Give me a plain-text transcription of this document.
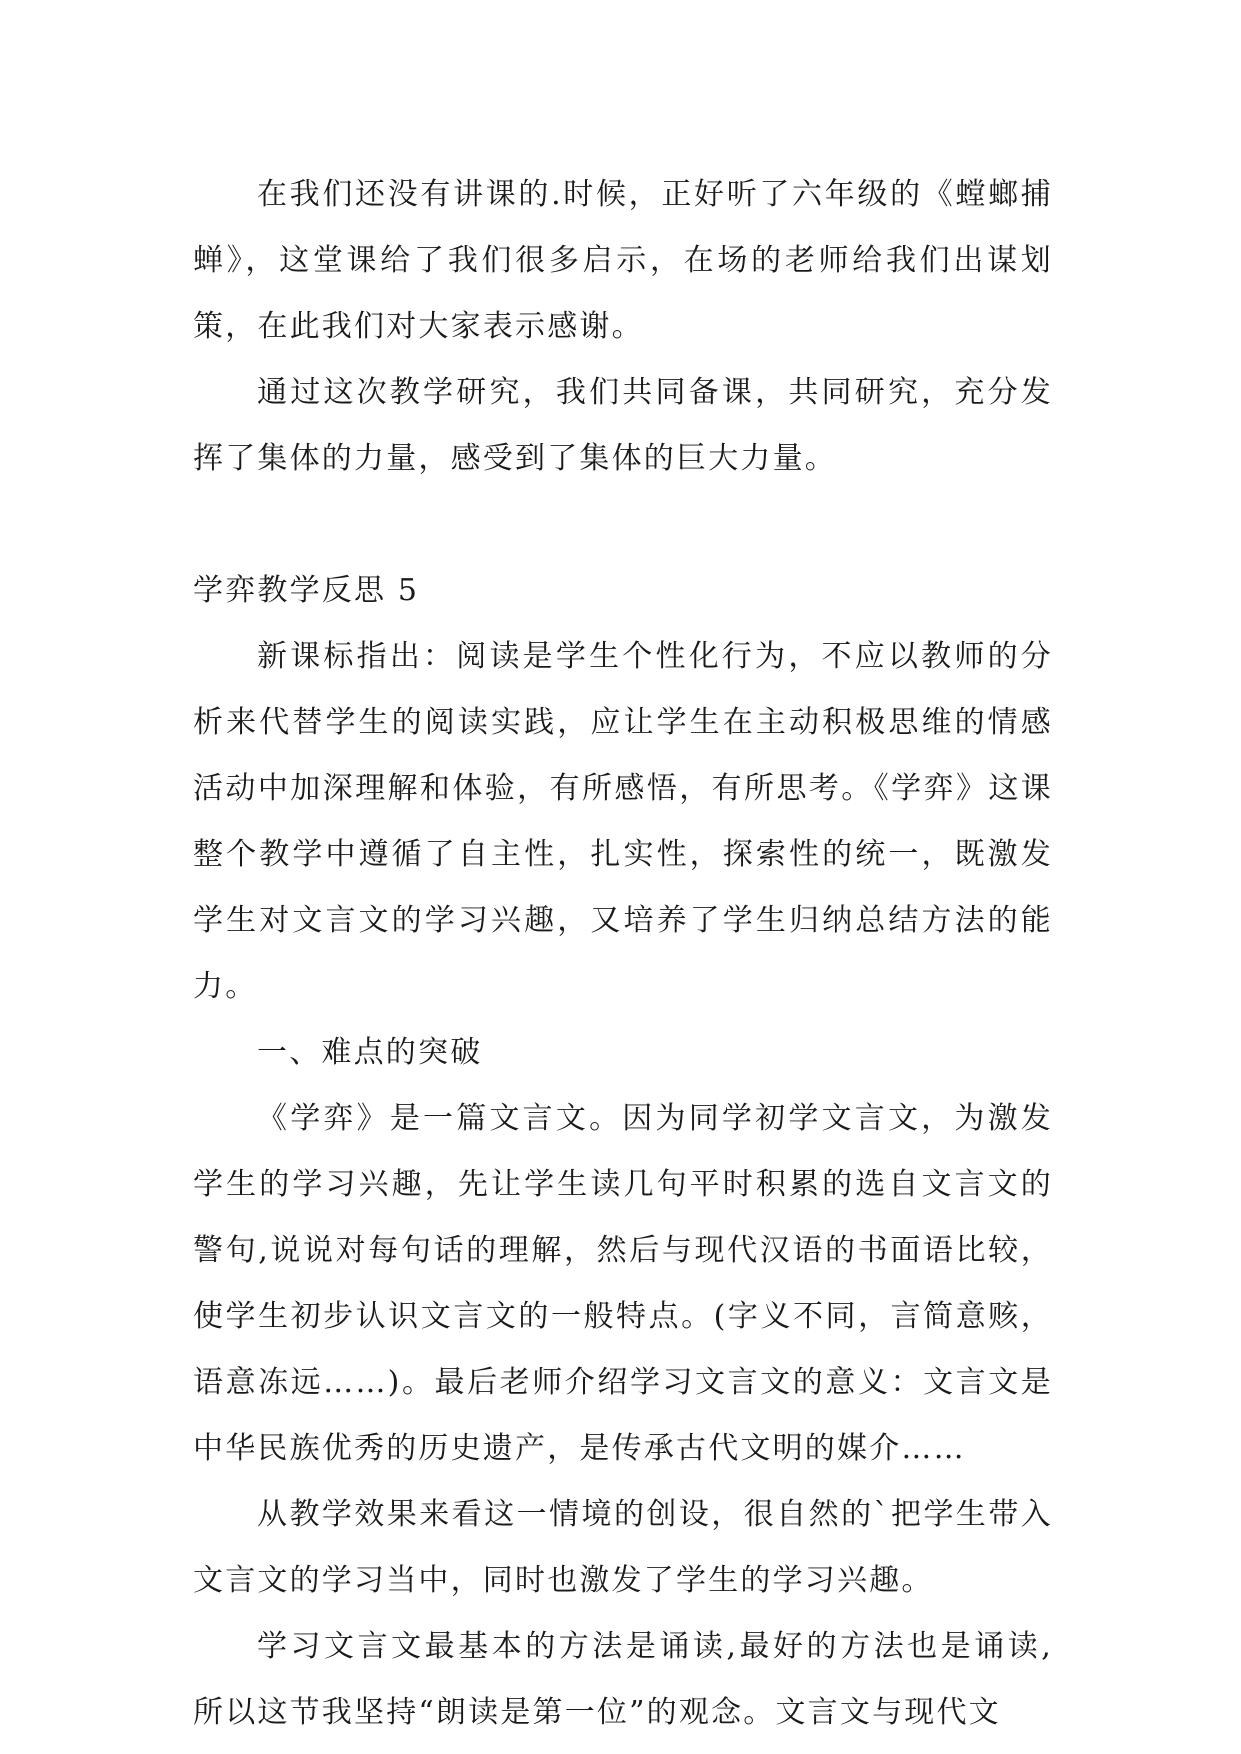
在我们还没有讲课的.时候，正好听了六年级的《螳螂捕蝉》，这堂课给了我们很多启示，在场的老师给我们出谋划策，在此我们对大家表示感谢。

通过这次教学研究，我们共同备课，共同研究，充分发挥了集体的力量，感受到了集体的巨大力量。

学弈教学反思 5

新课标指出：阅读是学生个性化行为，不应以教师的分析来代替学生的阅读实践，应让学生在主动积极思维的情感活动中加深理解和体验，有所感悟，有所思考。《学弈》这课整个教学中遵循了自主性，扎实性，探索性的统一，既激发学生对文言文的学习兴趣，又培养了学生归纳总结方法的能力。

一、难点的突破

《学弈》是一篇文言文。因为同学初学文言文，为激发学生的学习兴趣，先让学生读几句平时积累的选自文言文的警句,说说对每句话的理解，然后与现代汉语的书面语比较，使学生初步认识文言文的一般特点。(字义不同，言简意赅，语意冻远……)。最后老师介绍学习文言文的意义：文言文是中华民族优秀的历史遗产，是传承古代文明的媒介……

从教学效果来看这一情境的创设，很自然的`把学生带入文言文的学习当中，同时也激发了学生的学习兴趣。

学习文言文最基本的方法是诵读,最好的方法也是诵读,所以这节我坚持“朗读是第一位”的观念。文言文与现代文
